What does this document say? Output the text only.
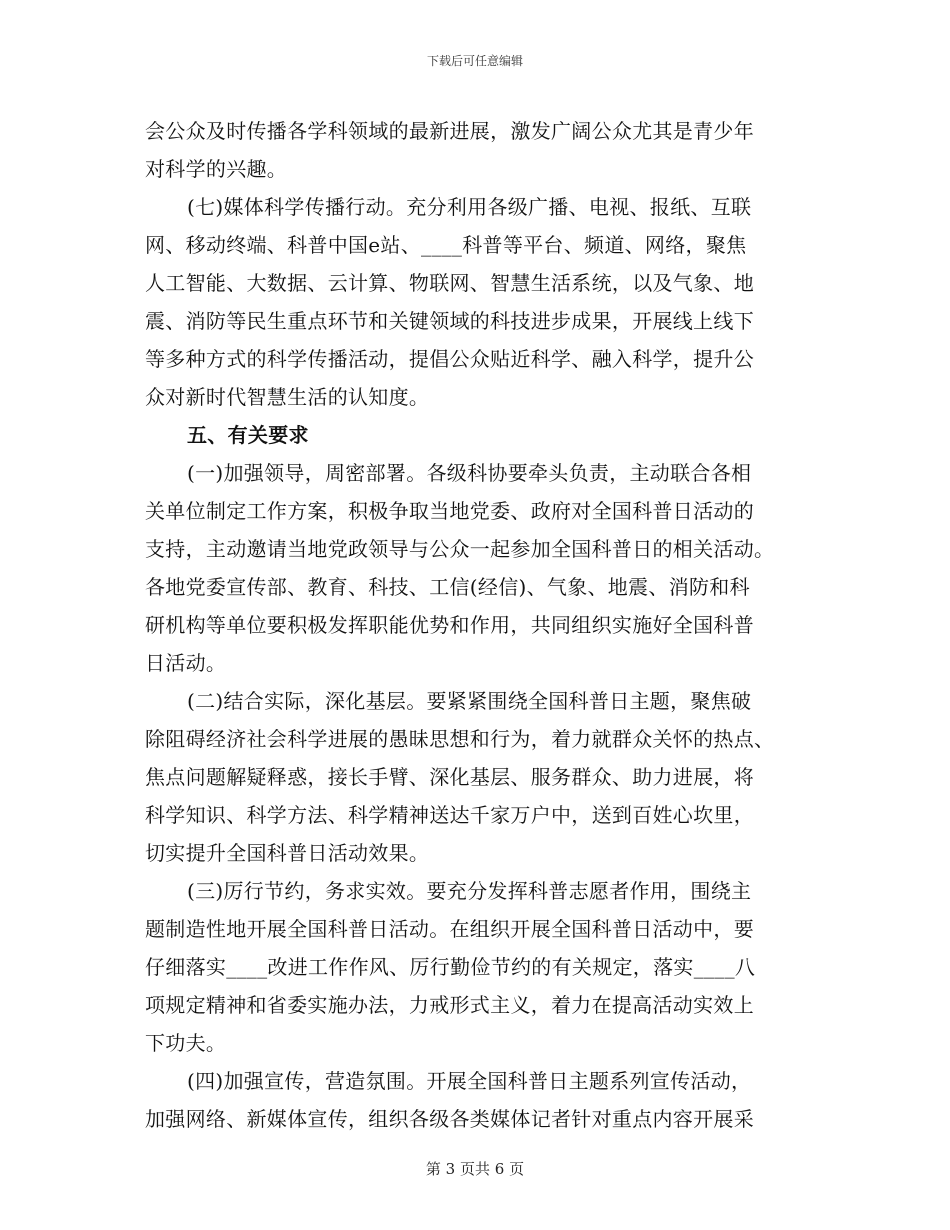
下载后可任意编辑
会公众及时传播各学科领域的最新进展，激发广阔公众尤其是青少年
对科学的兴趣。
(七)媒体科学传播行动。充分利用各级广播、电视、报纸、互联
网、移动终端、科普中国e站、____科普等平台、频道、网络，聚焦
人工智能、大数据、云计算、物联网、智慧生活系统，以及气象、地
震、消防等民生重点环节和关键领域的科技进步成果，开展线上线下
等多种方式的科学传播活动，提倡公众贴近科学、融入科学，提升公
众对新时代智慧生活的认知度。
五、有关要求
(一)加强领导，周密部署。各级科协要牵头负责，主动联合各相
关单位制定工作方案，积极争取当地党委、政府对全国科普日活动的
支持，主动邀请当地党政领导与公众一起参加全国科普日的相关活动。
各地党委宣传部、教育、科技、工信(经信)、气象、地震、消防和科
研机构等单位要积极发挥职能优势和作用，共同组织实施好全国科普
日活动。
(二)结合实际，深化基层。要紧紧围绕全国科普日主题，聚焦破
除阻碍经济社会科学进展的愚昧思想和行为，着力就群众关怀的热点、
焦点问题解疑释惑，接长手臂、深化基层、服务群众、助力进展，将
科学知识、科学方法、科学精神送达千家万户中，送到百姓心坎里，
切实提升全国科普日活动效果。
(三)厉行节约，务求实效。要充分发挥科普志愿者作用，围绕主
题制造性地开展全国科普日活动。在组织开展全国科普日活动中，要
仔细落实____改进工作作风、厉行勤俭节约的有关规定，落实____八
项规定精神和省委实施办法，力戒形式主义，着力在提高活动实效上
下功夫。
(四)加强宣传，营造氛围。开展全国科普日主题系列宣传活动，
加强网络、新媒体宣传，组织各级各类媒体记者针对重点内容开展采
第 3 页共 6 页
